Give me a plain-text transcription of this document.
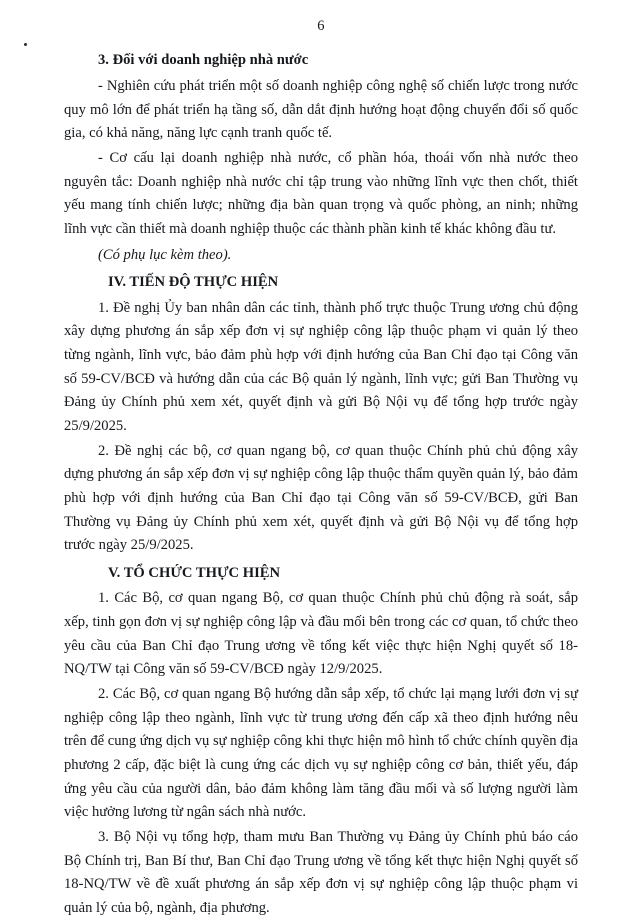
6

3. Đối với doanh nghiệp nhà nước

- Nghiên cứu phát triển một số doanh nghiệp công nghệ số chiến lược trong nước quy mô lớn để phát triển hạ tầng số, dẫn dắt định hướng hoạt động chuyển đổi số quốc gia, có khả năng, năng lực cạnh tranh quốc tế.

- Cơ cấu lại doanh nghiệp nhà nước, cổ phần hóa, thoái vốn nhà nước theo nguyên tắc: Doanh nghiệp nhà nước chỉ tập trung vào những lĩnh vực then chốt, thiết yếu mang tính chiến lược; những địa bàn quan trọng và quốc phòng, an ninh; những lĩnh vực cần thiết mà doanh nghiệp thuộc các thành phần kinh tế khác không đầu tư.

(Có phụ lục kèm theo).

IV. TIẾN ĐỘ THỰC HIỆN

1. Đề nghị Ủy ban nhân dân các tỉnh, thành phố trực thuộc Trung ương chủ động xây dựng phương án sắp xếp đơn vị sự nghiệp công lập thuộc phạm vi quản lý theo từng ngành, lĩnh vực, bảo đảm phù hợp với định hướng của Ban Chỉ đạo tại Công văn số 59-CV/BCĐ và hướng dẫn của các Bộ quản lý ngành, lĩnh vực; gửi Ban Thường vụ Đảng ủy Chính phủ xem xét, quyết định và gửi Bộ Nội vụ để tổng hợp trước ngày 25/9/2025.

2. Đề nghị các bộ, cơ quan ngang bộ, cơ quan thuộc Chính phủ chủ động xây dựng phương án sắp xếp đơn vị sự nghiệp công lập thuộc thẩm quyền quản lý, bảo đảm phù hợp với định hướng của Ban Chỉ đạo tại Công văn số 59-CV/BCĐ, gửi Ban Thường vụ Đảng ủy Chính phủ xem xét, quyết định và gửi Bộ Nội vụ để tổng hợp trước ngày 25/9/2025.

V. TỔ CHỨC THỰC HIỆN

1. Các Bộ, cơ quan ngang Bộ, cơ quan thuộc Chính phủ chủ động rà soát, sắp xếp, tinh gọn đơn vị sự nghiệp công lập và đầu mối bên trong các cơ quan, tổ chức theo yêu cầu của Ban Chỉ đạo Trung ương về tổng kết việc thực hiện Nghị quyết số 18-NQ/TW tại Công văn số 59-CV/BCĐ ngày 12/9/2025.

2. Các Bộ, cơ quan ngang Bộ hướng dẫn sắp xếp, tổ chức lại mạng lưới đơn vị sự nghiệp công lập theo ngành, lĩnh vực từ trung ương đến cấp xã theo định hướng nêu trên để cung ứng dịch vụ sự nghiệp công khi thực hiện mô hình tổ chức chính quyền địa phương 2 cấp, đặc biệt là cung ứng các dịch vụ sự nghiệp công cơ bản, thiết yếu, đáp ứng yêu cầu của người dân, bảo đảm không làm tăng đầu mối và số lượng người làm việc hưởng lương từ ngân sách nhà nước.

3. Bộ Nội vụ tổng hợp, tham mưu Ban Thường vụ Đảng ủy Chính phủ báo cáo Bộ Chính trị, Ban Bí thư, Ban Chỉ đạo Trung ương về tổng kết thực hiện Nghị quyết số 18-NQ/TW về đề xuất phương án sắp xếp đơn vị sự nghiệp công lập thuộc phạm vi quản lý của bộ, ngành, địa phương.
